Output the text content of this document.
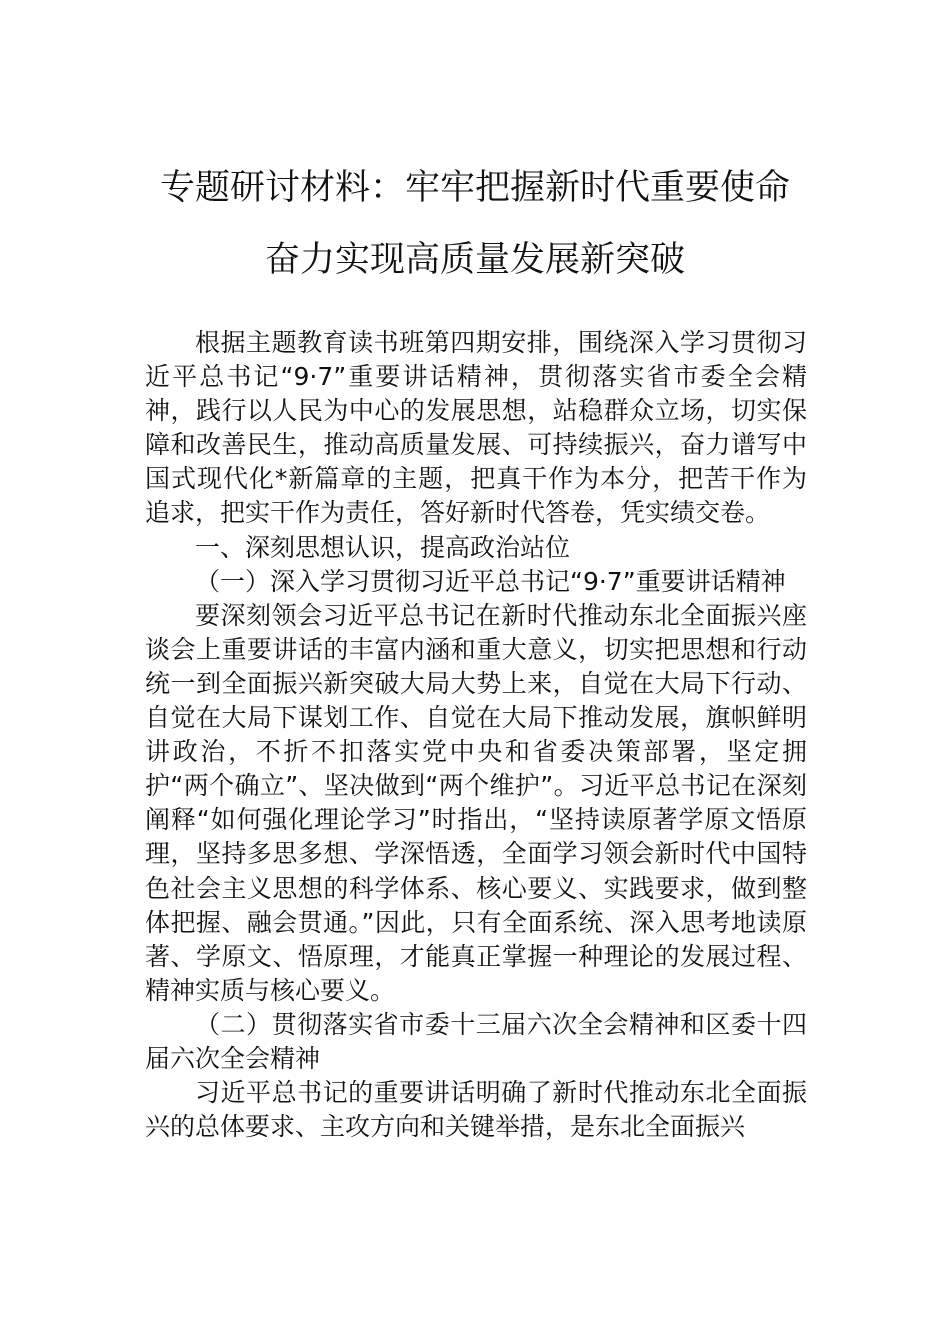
专题研讨材料：牢牢把握新时代重要使命
奋力实现高质量发展新突破

根据主题教育读书班第四期安排，围绕深入学习贯彻习近平总书记“9·7”重要讲话精神，贯彻落实省市委全会精神，践行以人民为中心的发展思想，站稳群众立场，切实保障和改善民生，推动高质量发展、可持续振兴，奋力谱写中国式现代化*新篇章的主题，把真干作为本分，把苦干作为追求，把实干作为责任，答好新时代答卷，凭实绩交卷。

一、深刻思想认识，提高政治站位

（一）深入学习贯彻习近平总书记“9·7”重要讲话精神

要深刻领会习近平总书记在新时代推动东北全面振兴座谈会上重要讲话的丰富内涵和重大意义，切实把思想和行动统一到全面振兴新突破大局大势上来，自觉在大局下行动、自觉在大局下谋划工作、自觉在大局下推动发展，旗帜鲜明讲政治，不折不扣落实党中央和省委决策部署，坚定拥护“两个确立”、坚决做到“两个维护”。习近平总书记在深刻阐释“如何强化理论学习”时指出，“坚持读原著学原文悟原理，坚持多思多想、学深悟透，全面学习领会新时代中国特色社会主义思想的科学体系、核心要义、实践要求，做到整体把握、融会贯通。”因此，只有全面系统、深入思考地读原著、学原文、悟原理，才能真正掌握一种理论的发展过程、精神实质与核心要义。

（二）贯彻落实省市委十三届六次全会精神和区委十四届六次全会精神

习近平总书记的重要讲话明确了新时代推动东北全面振兴的总体要求、主攻方向和关键举措，是东北全面振兴
